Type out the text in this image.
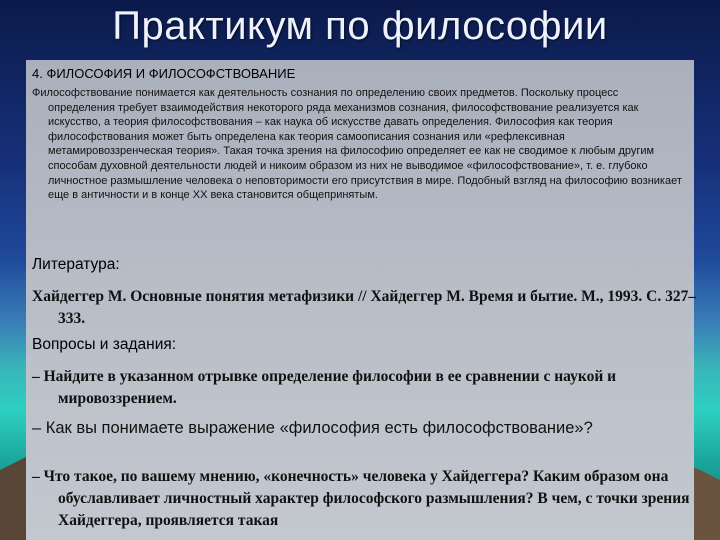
Практикум по философии
4. ФИЛОСОФИЯ И ФИЛОСОФСТВОВАНИЕ
Философствование понимается как деятельность сознания по определению своих предметов. Поскольку процесс определения требует взаимодействия некоторого ряда механизмов сознания, философствование реализуется как искусство, а теория философствования – как наука об искусстве давать определения. Философия как теория философствования может быть определена как теория самоописания сознания или «рефлексивная метамировоззренческая теория». Такая точка зрения на философию определяет ее как не сводимое к любым другим способам духовной деятельности людей и никоим образом из них не выводимое «философствование», т. е. глубоко личностное размышление человека о неповторимости его присутствия в мире. Подобный взгляд на философию возникает еще в античности и в конце XX века становится общепринятым.
Литература:
Хайдеггер М. Основные понятия метафизики // Хайдеггер М. Время и бытие. М., 1993. С. 327–333.
Вопросы и задания:
– Найдите в указанном отрывке определение философии в ее сравнении с наукой и мировоззрением.
– Как вы понимаете выражение «философия есть философствование»?
– Что такое, по вашему мнению, «конечность» человека у Хайдеггера? Каким образом она обуславливает личностный характер философского размышления? В чем, с точки зрения Хайдеггера, проявляется такая
